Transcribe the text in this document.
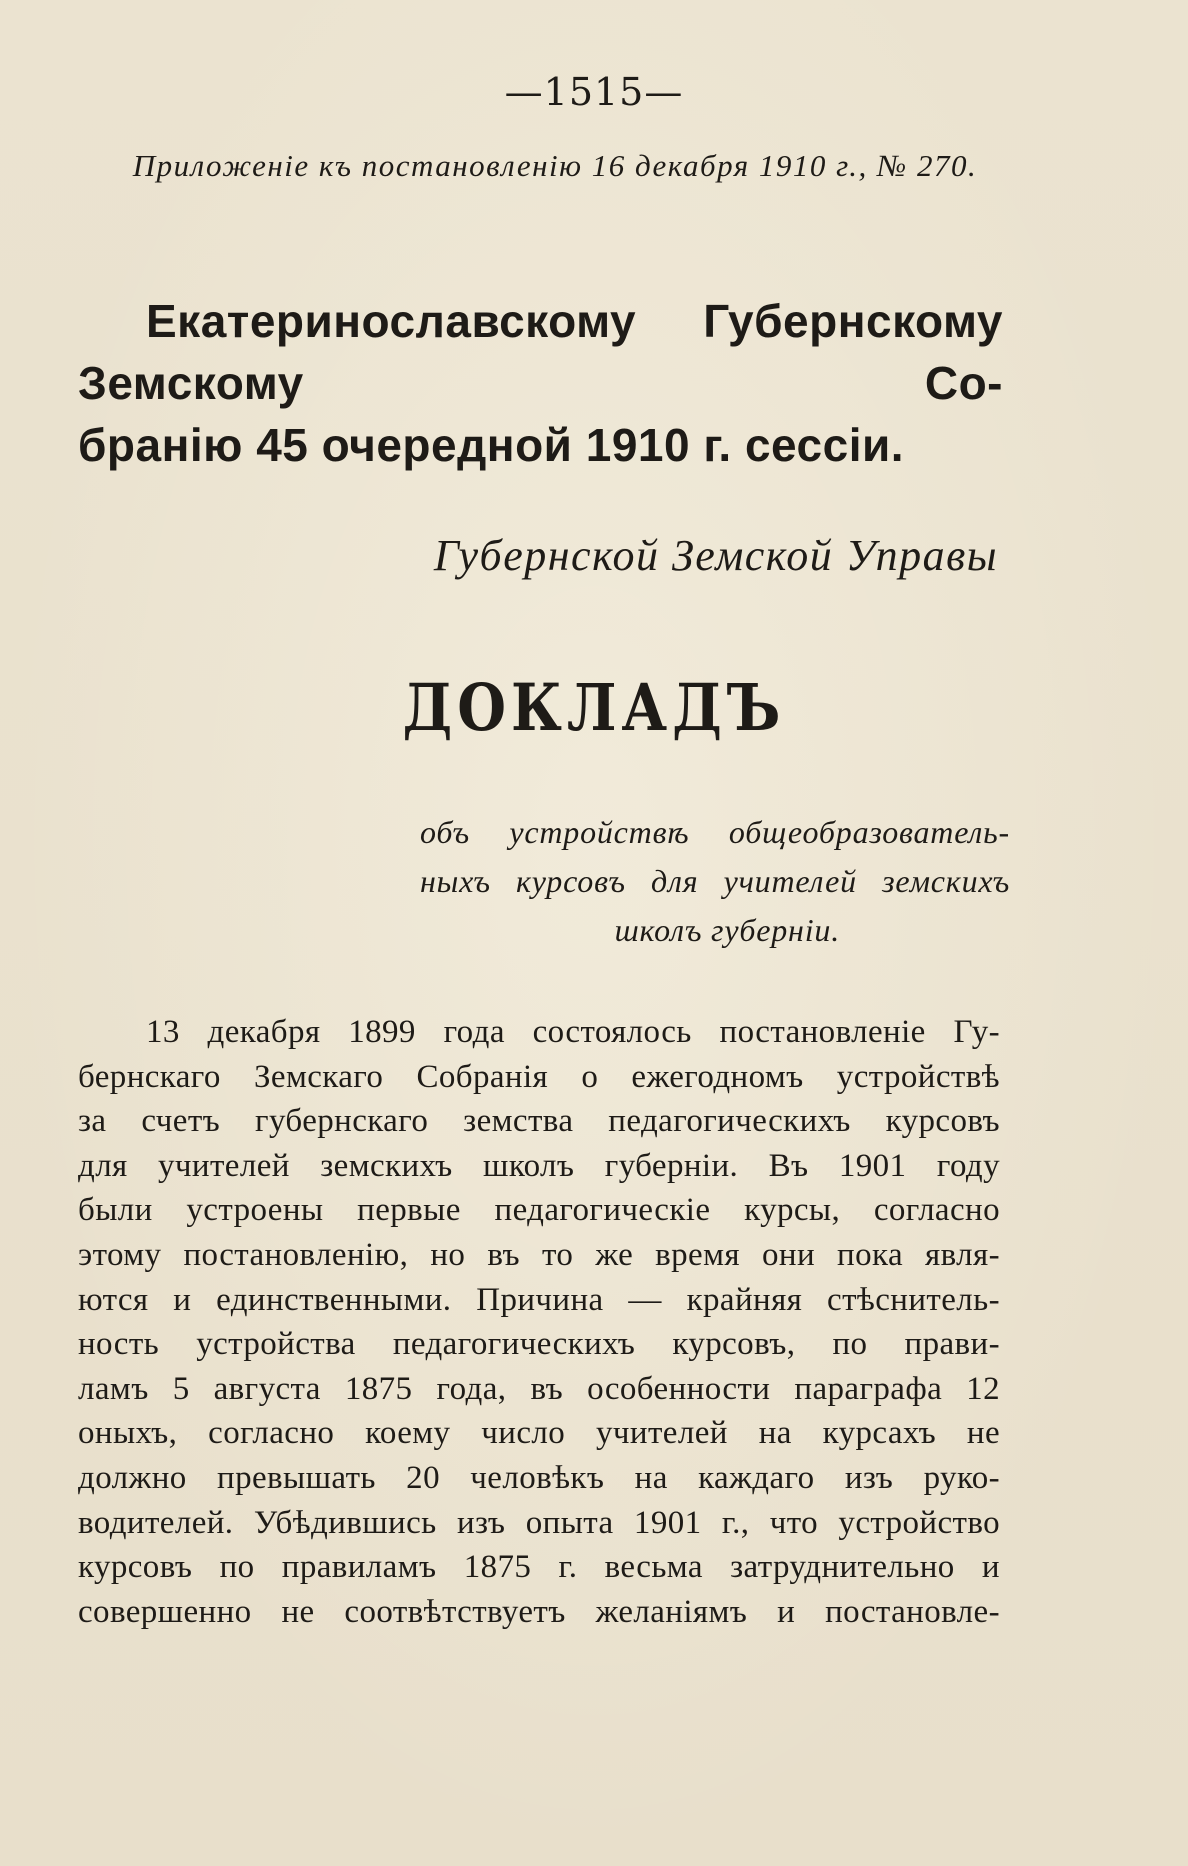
—1515—
Приложеніе къ постановленію 16 декабря 1910 г., № 270.
Екатеринославскому Губернскому Земскому Со-
бранію 45 очередной 1910 г. сессіи.
Губернской Земской Управы
ДОКЛАДЪ
объ устройствѣ общеобразователь-
ныхъ курсовъ для учителей земскихъ
школъ губерніи.
13 декабря 1899 года состоялось постановленіе Гу-
бернскаго Земскаго Собранія о ежегодномъ устройствѣ
за счетъ губернскаго земства педагогическихъ курсовъ
для учителей земскихъ школъ губерніи. Въ 1901 году
были устроены первые педагогическіе курсы, согласно
этому постановленію, но въ то же время они пока явля-
ются и единственными. Причина — крайняя стѣснитель-
ность устройства педагогическихъ курсовъ, по прави-
ламъ 5 августа 1875 года, въ особенности параграфа 12
оныхъ, согласно коему число учителей на курсахъ не
должно превышать 20 человѣкъ на каждаго изъ руко-
водителей. Убѣдившись изъ опыта 1901 г., что устройство
курсовъ по правиламъ 1875 г. весьма затруднительно и
совершенно не соотвѣтствуетъ желаніямъ и постановле-
